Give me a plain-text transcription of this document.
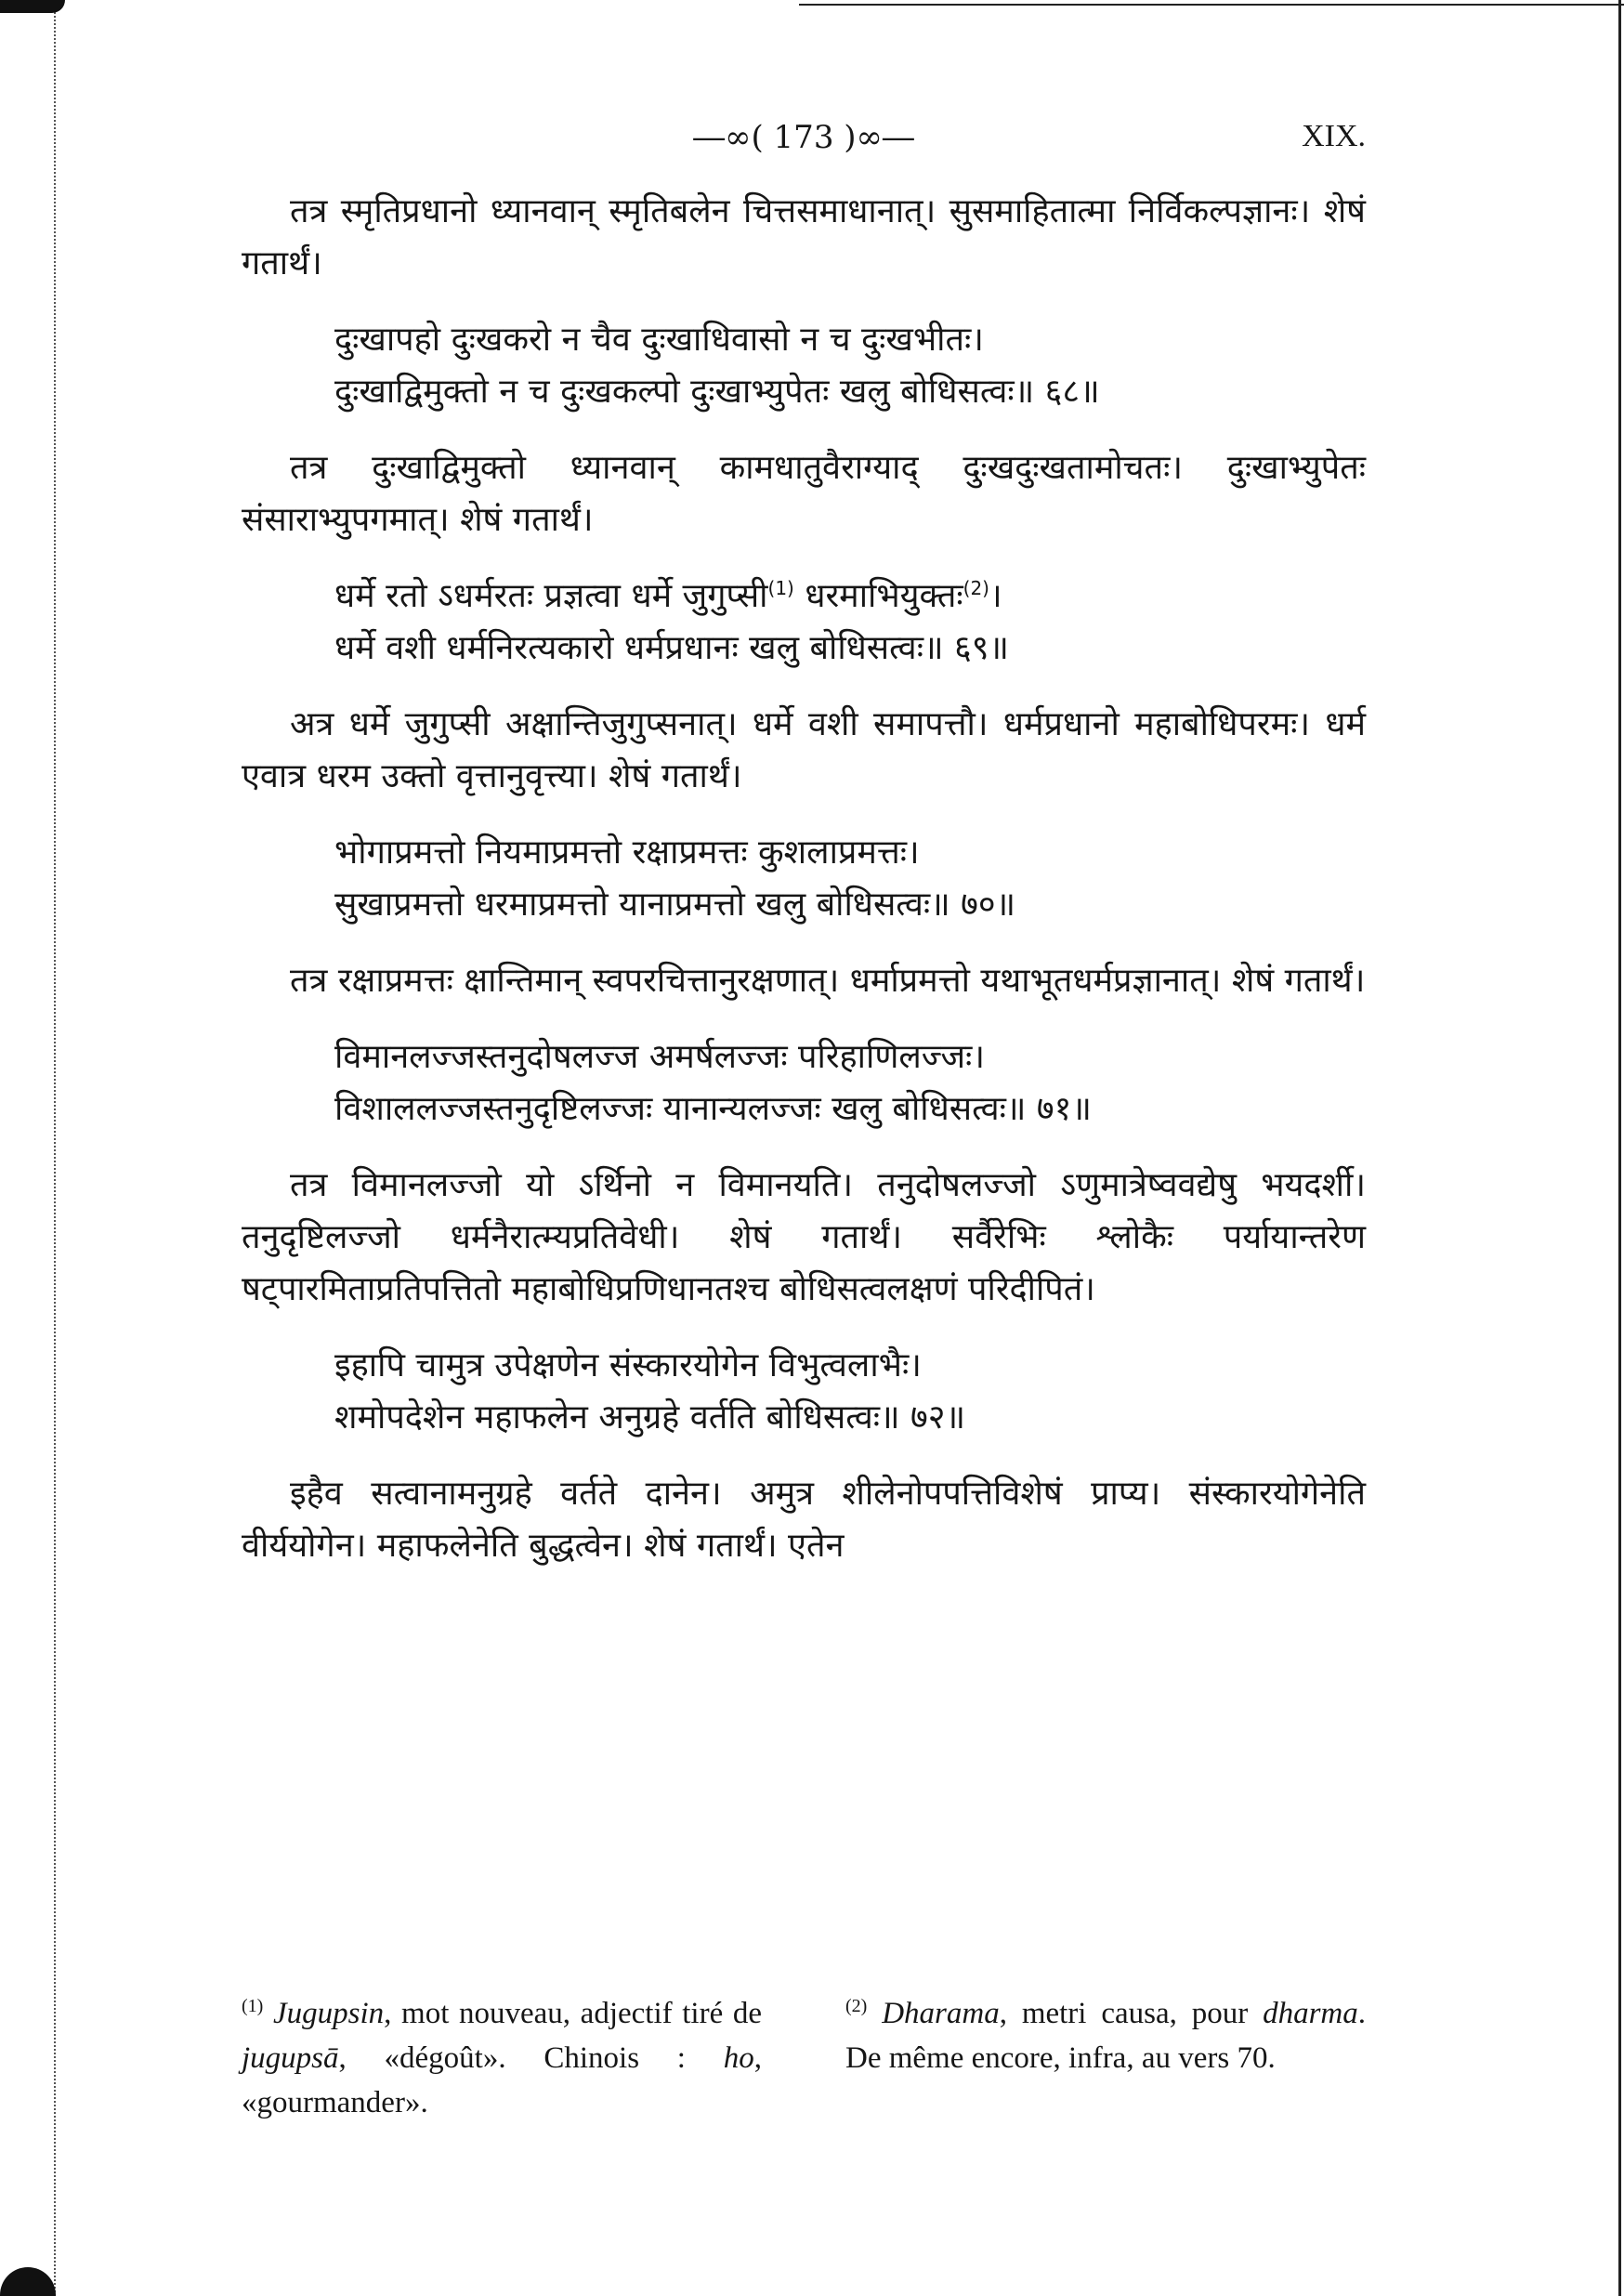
―∞( 173 )∞―	XIX.

तत्र स्मृतिप्रधानो ध्यानवान् स्मृतिबलेन चित्तसमाधानात्। सुसमाहितात्मा निर्विकल्पज्ञानः। शेषं गतार्थं।

दुःखापहो दुःखकरो न चैव दुःखाधिवासो न च दुःखभीतः।
दुःखाद्विमुक्तो न च दुःखकल्पो दुःखाभ्युपेतः खलु बोधिसत्वः॥ ६८॥

तत्र दुःखाद्विमुक्तो ध्यानवान् कामधातुवैराग्याद् दुःखदुःखतामोचतः। दुःखाभ्युपेतः संसाराभ्युपगमात्। शेषं गतार्थं।

धर्मे रतो ऽधर्मरतः प्रज्ञत्वा धर्मे जुगुप्सी$^{(1)}$ धरमाभियुक्तः$^{(2)}$।
धर्मे वशी धर्मनिरत्यकारो धर्मप्रधानः खलु बोधिसत्वः॥ ६९॥

अत्र धर्मे जुगुप्सी अक्षान्तिजुगुप्सनात्। धर्मे वशी समापत्तौ। धर्मप्रधानो महाबोधिपरमः। धर्म एवात्र धरम उक्तो वृत्तानुवृत्त्या। शेषं गतार्थं।

भोगाप्रमत्तो नियमाप्रमत्तो रक्षाप्रमत्तः कुशलाप्रमत्तः।
सुखाप्रमत्तो धरमाप्रमत्तो यानाप्रमत्तो खलु बोधिसत्वः॥ ७०॥

तत्र रक्षाप्रमत्तः क्षान्तिमान् स्वपरचित्तानुरक्षणात्। धर्माप्रमत्तो यथाभूतधर्मप्रज्ञानात्। शेषं गतार्थं।

विमानलज्जस्तनुदोषलज्ज अमर्षलज्जः परिहाणिलज्जः।
विशाललज्जस्तनुदृष्टिलज्जः यानान्यलज्जः खलु बोधिसत्वः॥ ७१॥

तत्र विमानलज्जो यो ऽर्थिनो न विमानयति। तनुदोषलज्जो ऽणुमात्रेष्ववद्येषु भयदर्शी। तनुदृष्टिलज्जो धर्मनैरात्म्यप्रतिवेधी। शेषं गतार्थं। सर्वैरेभिः श्लोकैः पर्यायान्तरेण षट्पारमिताप्रतिपत्तितो महाबोधिप्रणिधानतश्च बोधिसत्वलक्षणं परिदीपितं।

इहापि चामुत्र उपेक्षणेन संस्कारयोगेन विभुत्वलाभैः।
शमोपदेशेन महाफलेन अनुग्रहे वर्तति बोधिसत्वः॥ ७२॥

इहैव सत्वानामनुग्रहे वर्तते दानेन। अमुत्र शीलेनोपपत्तिविशेषं प्राप्य। संस्कारयोगेनेति वीर्ययोगेन। महाफलेनेति बुद्धत्वेन। शेषं गतार्थं। एतेन

$^{(1)}$ Jugupsin, mot nouveau, adjectif tiré de jugupsā, «dégoût». Chinois : ho, «gourmander».

$^{(2)}$ Dharama, metri causa, pour dharma. De même encore, infra, au vers 70.
